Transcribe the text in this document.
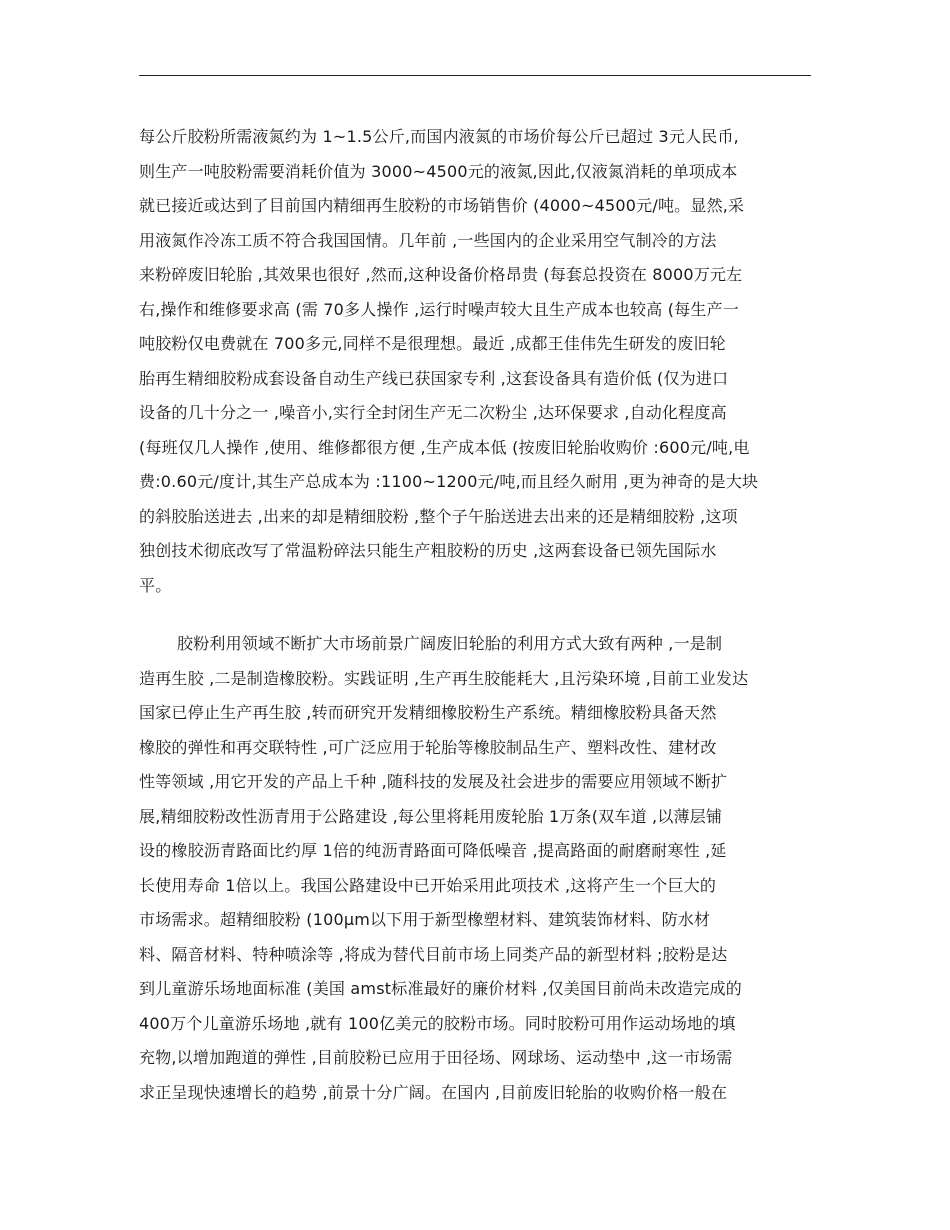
每公斤胶粉所需液氮约为 1~1.5公斤,而国内液氮的市场价每公斤已超过 3元人民币,
则生产一吨胶粉需要消耗价值为 3000~4500元的液氮,因此,仅液氮消耗的单项成本
就已接近或达到了目前国内精细再生胶粉的市场销售价 (4000~4500元/吨。显然,采
用液氮作冷冻工质不符合我国国情。几年前 ,一些国内的企业采用空气制冷的方法
来粉碎废旧轮胎 ,其效果也很好 ,然而,这种设备价格昂贵 (每套总投资在 8000万元左
右,操作和维修要求高 (需 70多人操作 ,运行时噪声较大且生产成本也较高 (每生产一
吨胶粉仅电费就在 700多元,同样不是很理想。最近 ,成都王佳伟先生研发的废旧轮
胎再生精细胶粉成套设备自动生产线已获国家专利 ,这套设备具有造价低 (仅为进口
设备的几十分之一 ,噪音小,实行全封闭生产无二次粉尘 ,达环保要求 ,自动化程度高
(每班仅几人操作 ,使用、维修都很方便 ,生产成本低 (按废旧轮胎收购价 :600元/吨,电
费:0.60元/度计,其生产总成本为 :1100~1200元/吨,而且经久耐用 ,更为神奇的是大块
的斜胶胎送进去 ,出来的却是精细胶粉 ,整个子午胎送进去出来的还是精细胶粉 ,这项
独创技术彻底改写了常温粉碎法只能生产粗胶粉的历史 ,这两套设备已领先国际水
平。
胶粉利用领域不断扩大市场前景广阔废旧轮胎的利用方式大致有两种 ,一是制
造再生胶 ,二是制造橡胶粉。实践证明 ,生产再生胶能耗大 ,且污染环境 ,目前工业发达
国家已停止生产再生胶 ,转而研究开发精细橡胶粉生产系统。精细橡胶粉具备天然
橡胶的弹性和再交联特性 ,可广泛应用于轮胎等橡胶制品生产、塑料改性、建材改
性等领域 ,用它开发的产品上千种 ,随科技的发展及社会进步的需要应用领域不断扩
展,精细胶粉改性沥青用于公路建设 ,每公里将耗用废轮胎 1万条(双车道 ,以薄层铺
设的橡胶沥青路面比约厚 1倍的纯沥青路面可降低噪音 ,提高路面的耐磨耐寒性 ,延
长使用寿命 1倍以上。我国公路建设中已开始采用此项技术 ,这将产生一个巨大的
市场需求。超精细胶粉 (100μm以下用于新型橡塑材料、建筑装饰材料、防水材
料、隔音材料、特种喷涂等 ,将成为替代目前市场上同类产品的新型材料 ;胶粉是达
到儿童游乐场地面标准 (美国 amst标准最好的廉价材料 ,仅美国目前尚未改造完成的
400万个儿童游乐场地 ,就有 100亿美元的胶粉市场。同时胶粉可用作运动场地的填
充物,以增加跑道的弹性 ,目前胶粉已应用于田径场、网球场、运动垫中 ,这一市场需
求正呈现快速增长的趋势 ,前景十分广阔。在国内 ,目前废旧轮胎的收购价格一般在
